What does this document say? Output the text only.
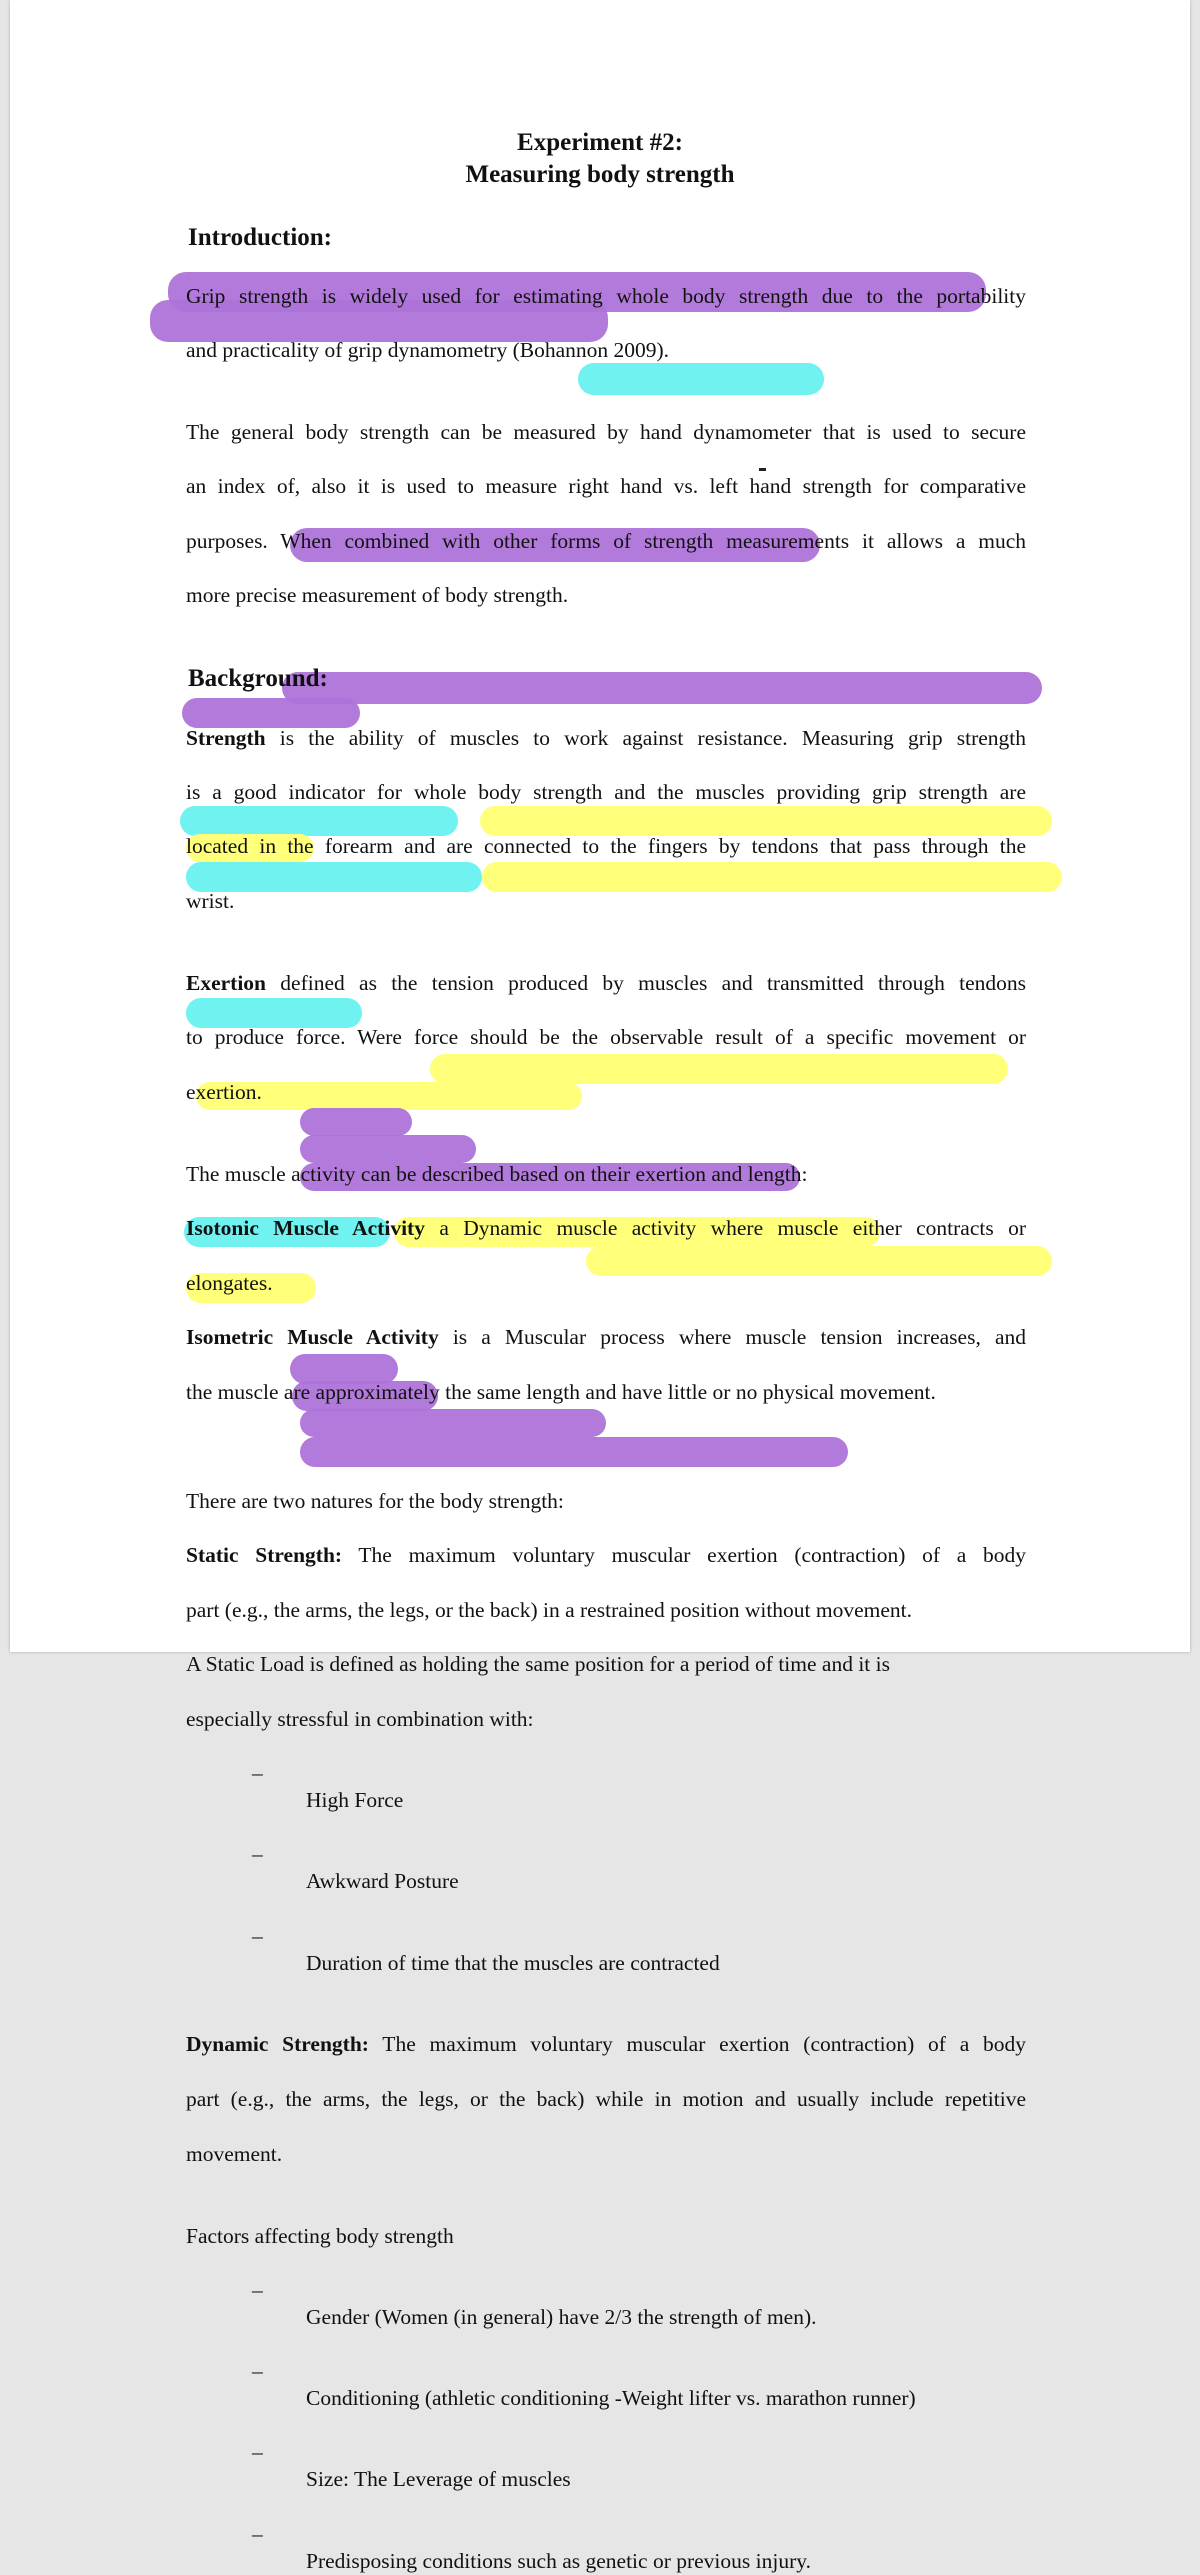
Experiment #2:
Measuring body strength
Introduction:
Grip strength is widely used for estimating whole body strength due to the portability
and practicality of grip dynamometry (Bohannon 2009).
The general body strength can be measured by hand dynamometer that is used to secure
an index of, also it is used to measure right hand vs. left hand strength for comparative
purposes. When combined with other forms of strength measurements it allows a much
more precise measurement of body strength.
Background:
Strength is the ability of muscles to work against resistance. Measuring grip strength
is a good indicator for whole body strength and the muscles providing grip strength are
located in the forearm and are connected to the fingers by tendons that pass through the
wrist.
Exertion defined as the tension produced by muscles and transmitted through tendons
to produce force. Were force should be the observable result of a specific movement or
exertion.
The muscle activity can be described based on their exertion and length:
Isotonic Muscle Activity a Dynamic muscle activity where muscle either contracts or
elongates.
Isometric Muscle Activity is a Muscular process where muscle tension increases, and
the muscle are approximately the same length and have little or no physical movement.
There are two natures for the body strength:
Static Strength: The maximum voluntary muscular exertion (contraction) of a body
part (e.g., the arms, the legs, or the back) in a restrained position without movement.
A Static Load is defined as holding the same position for a period of time and it is
especially stressful in combination with:
–
High Force
–
Awkward Posture
–
Duration of time that the muscles are contracted
Dynamic Strength: The maximum voluntary muscular exertion (contraction) of a body
part (e.g., the arms, the legs, or the back) while in motion and usually include repetitive
movement.
Factors affecting body strength
–
Gender (Women (in general) have 2/3 the strength of men).
–
Conditioning (athletic conditioning -Weight lifter vs. marathon runner)
–
Size: The Leverage of muscles
–
Predisposing conditions such as genetic or previous injury.
